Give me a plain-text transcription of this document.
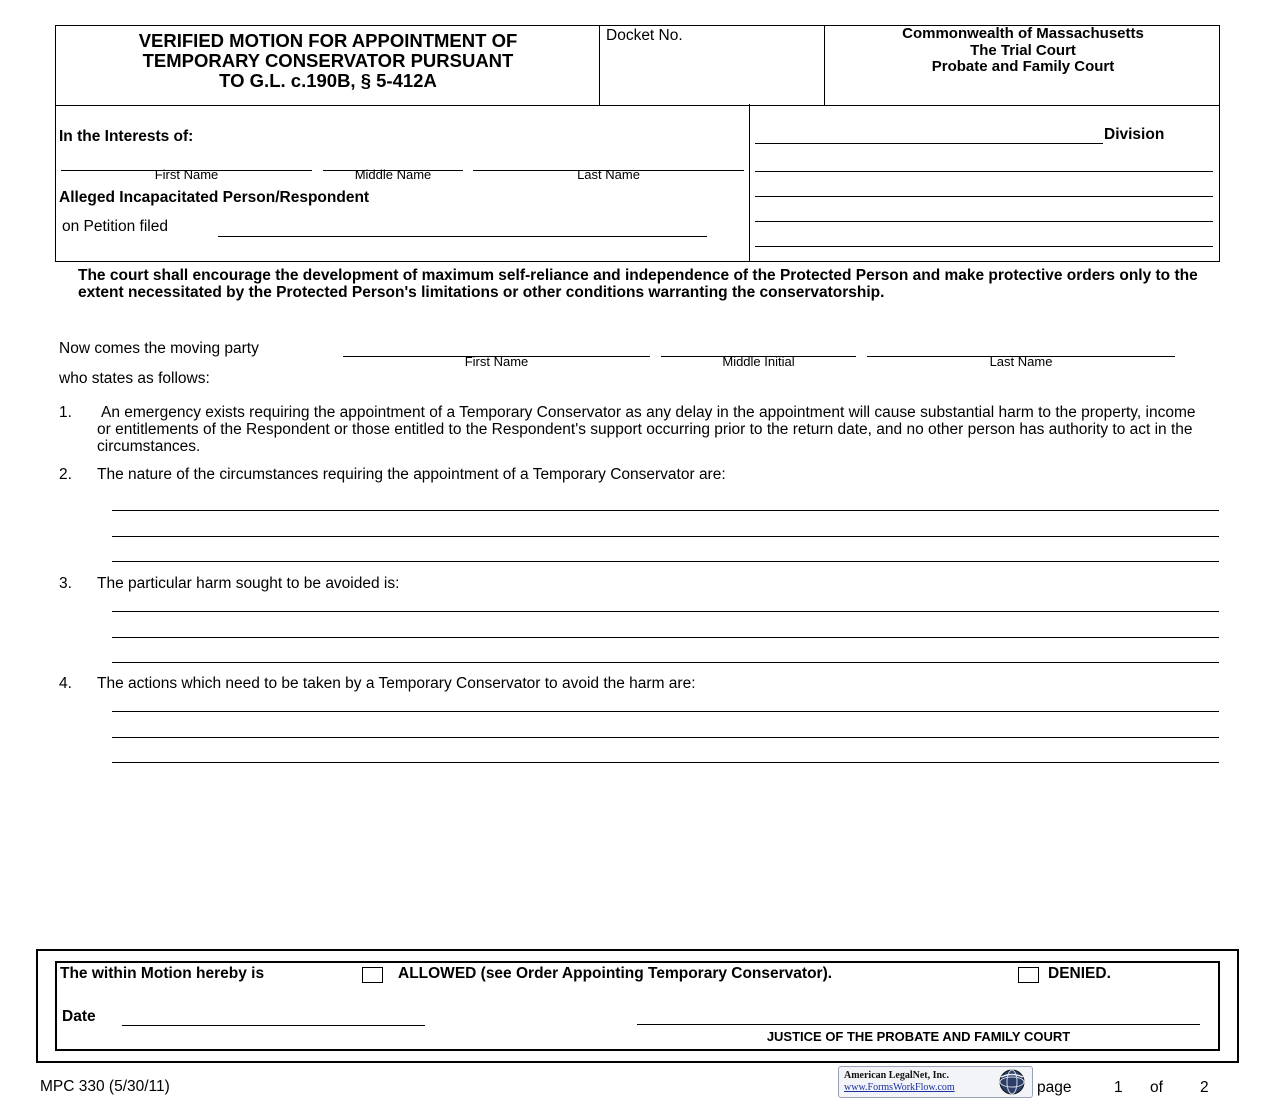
VERIFIED MOTION FOR APPOINTMENT OF
TEMPORARY CONSERVATOR PURSUANT
TO G.L. c.190B, § 5-412A
Docket No.	Commonwealth of Massachusetts
The Trial Court
Probate and Family Court
In the Interests of:
First Name	Middle Name	Last Name
Alleged Incapacitated Person/Respondent
on Petition filed
Division
The court shall encourage the development of maximum self-reliance and independence of the Protected Person and make protective orders only to the extent necessitated by the Protected Person's limitations or other conditions warranting the conservatorship.
Now comes the moving party
First Name	Middle Initial	Last Name
who states as follows:
1. An emergency exists requiring the appointment of a Temporary Conservator as any delay in the appointment will cause substantial harm to the property, income or entitlements of the Respondent or those entitled to the Respondent's support occurring prior to the return date, and no other person has authority to act in the circumstances.
2. The nature of the circumstances requiring the appointment of a Temporary Conservator are:
3. The particular harm sought to be avoided is:
4. The actions which need to be taken by a Temporary Conservator to avoid the harm are:
The within Motion hereby is	ALLOWED (see Order Appointing Temporary Conservator).	DENIED.
Date
JUSTICE OF THE PROBATE AND FAMILY COURT
MPC 330 (5/30/11)
American LegalNet, Inc.
www.FormsWorkFlow.com	page	1 of 2
